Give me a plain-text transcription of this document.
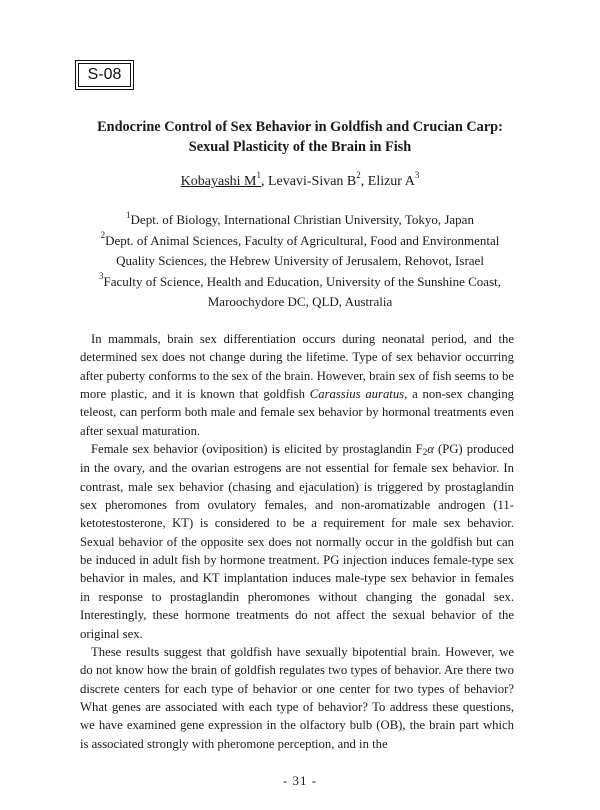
S-08
Endocrine Control of Sex Behavior in Goldfish and Crucian Carp:
Sexual Plasticity of the Brain in Fish
Kobayashi $M^1$, Levavi-Sivan $B^2$, Elizur $A^3$
$^1$Dept. of Biology, International Christian University, Tokyo, Japan
$^2$Dept. of Animal Sciences, Faculty of Agricultural, Food and Environmental
Quality Sciences, the Hebrew University of Jerusalem, Rehovot, Israel
$^3$Faculty of Science, Health and Education, University of the Sunshine Coast,
Maroochydore DC, QLD, Australia

In mammals, brain sex differentiation occurs during neonatal period, and the determined sex does not change during the lifetime. Type of sex behavior occurring after puberty conforms to the sex of the brain. However, brain sex of fish seems to be more plastic, and it is known that goldfish Carassius auratus, a non-sex changing teleost, can perform both male and female sex behavior by hormonal treatments even after sexual maturation.

Female sex behavior (oviposition) is elicited by prostaglandin F2α (PG) produced in the ovary, and the ovarian estrogens are not essential for female sex behavior. In contrast, male sex behavior (chasing and ejaculation) is triggered by prostaglandin sex pheromones from ovulatory females, and non-aromatizable androgen (11-ketotestosterone, KT) is considered to be a requirement for male sex behavior. Sexual behavior of the opposite sex does not normally occur in the goldfish but can be induced in adult fish by hormone treatment. PG injection induces female-type sex behavior in males, and KT implantation induces male-type sex behavior in females in response to prostaglandin pheromones without changing the gonadal sex. Interestingly, these hormone treatments do not affect the sexual behavior of the original sex.

These results suggest that goldfish have sexually bipotential brain. However, we do not know how the brain of goldfish regulates two types of behavior. Are there two discrete centers for each type of behavior or one center for two types of behavior? What genes are associated with each type of behavior? To address these questions, we have examined gene expression in the olfactory bulb (OB), the brain part which is associated strongly with pheromone perception, and in the

- 31 -
